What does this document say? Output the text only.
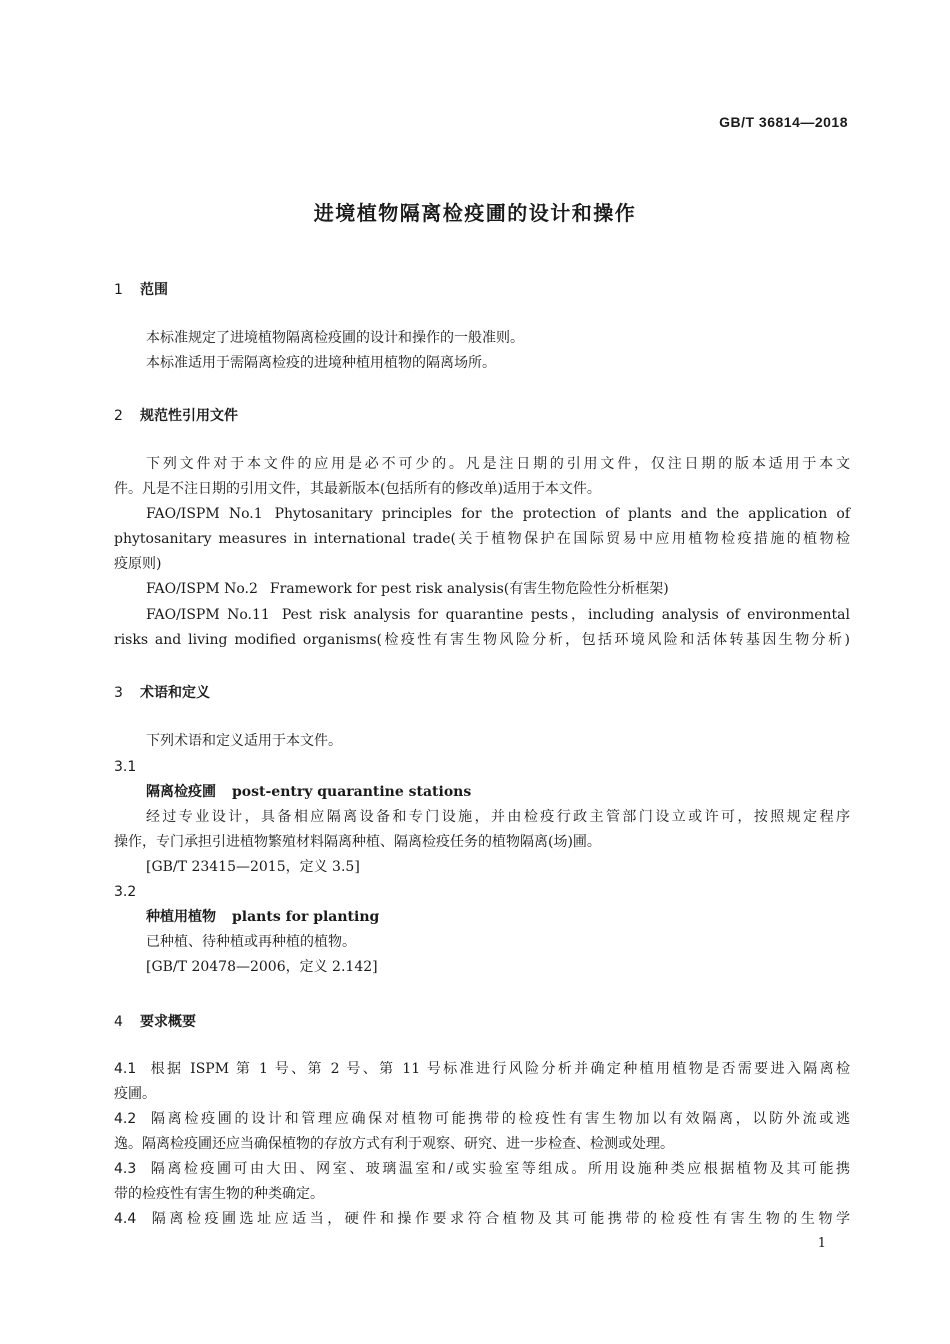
GB/T 36814—2018
进境植物隔离检疫圃的设计和操作
1 范围
本标准规定了进境植物隔离检疫圃的设计和操作的一般准则。
本标准适用于需隔离检疫的进境种植用植物的隔离场所。
2 规范性引用文件
下列文件对于本文件的应用是必不可少的。凡是注日期的引用文件，仅注日期的版本适用于本文
件。凡是不注日期的引用文件，其最新版本(包括所有的修改单)适用于本文件。
FAO/ISPM No.1 Phytosanitary principles for the protection of plants and the application of
phytosanitary measures in international trade(关于植物保护在国际贸易中应用植物检疫措施的植物检
疫原则)
FAO/ISPM No.2 Framework for pest risk analysis(有害生物危险性分析框架)
FAO/ISPM No.11 Pest risk analysis for quarantine pests，including analysis of environmental
risks and living modified organisms(检疫性有害生物风险分析，包括环境风险和活体转基因生物分析)
3 术语和定义
下列术语和定义适用于本文件。
3.1
隔离检疫圃 post-entry quarantine stations
经过专业设计，具备相应隔离设备和专门设施，并由检疫行政主管部门设立或许可，按照规定程序
操作，专门承担引进植物繁殖材料隔离种植、隔离检疫任务的植物隔离(场)圃。
[GB/T 23415—2015，定义 3.5]
3.2
种植用植物 plants for planting
已种植、待种植或再种植的植物。
[GB/T 20478—2006，定义 2.142]
4 要求概要
4.1 根据 ISPM 第 1 号、第 2 号、第 11 号标准进行风险分析并确定种植用植物是否需要进入隔离检
疫圃。
4.2 隔离检疫圃的设计和管理应确保对植物可能携带的检疫性有害生物加以有效隔离，以防外流或逃
逸。隔离检疫圃还应当确保植物的存放方式有利于观察、研究、进一步检查、检测或处理。
4.3 隔离检疫圃可由大田、网室、玻璃温室和/或实验室等组成。所用设施种类应根据植物及其可能携
带的检疫性有害生物的种类确定。
4.4 隔离检疫圃选址应适当，硬件和操作要求符合植物及其可能携带的检疫性有害生物的生物学
1
